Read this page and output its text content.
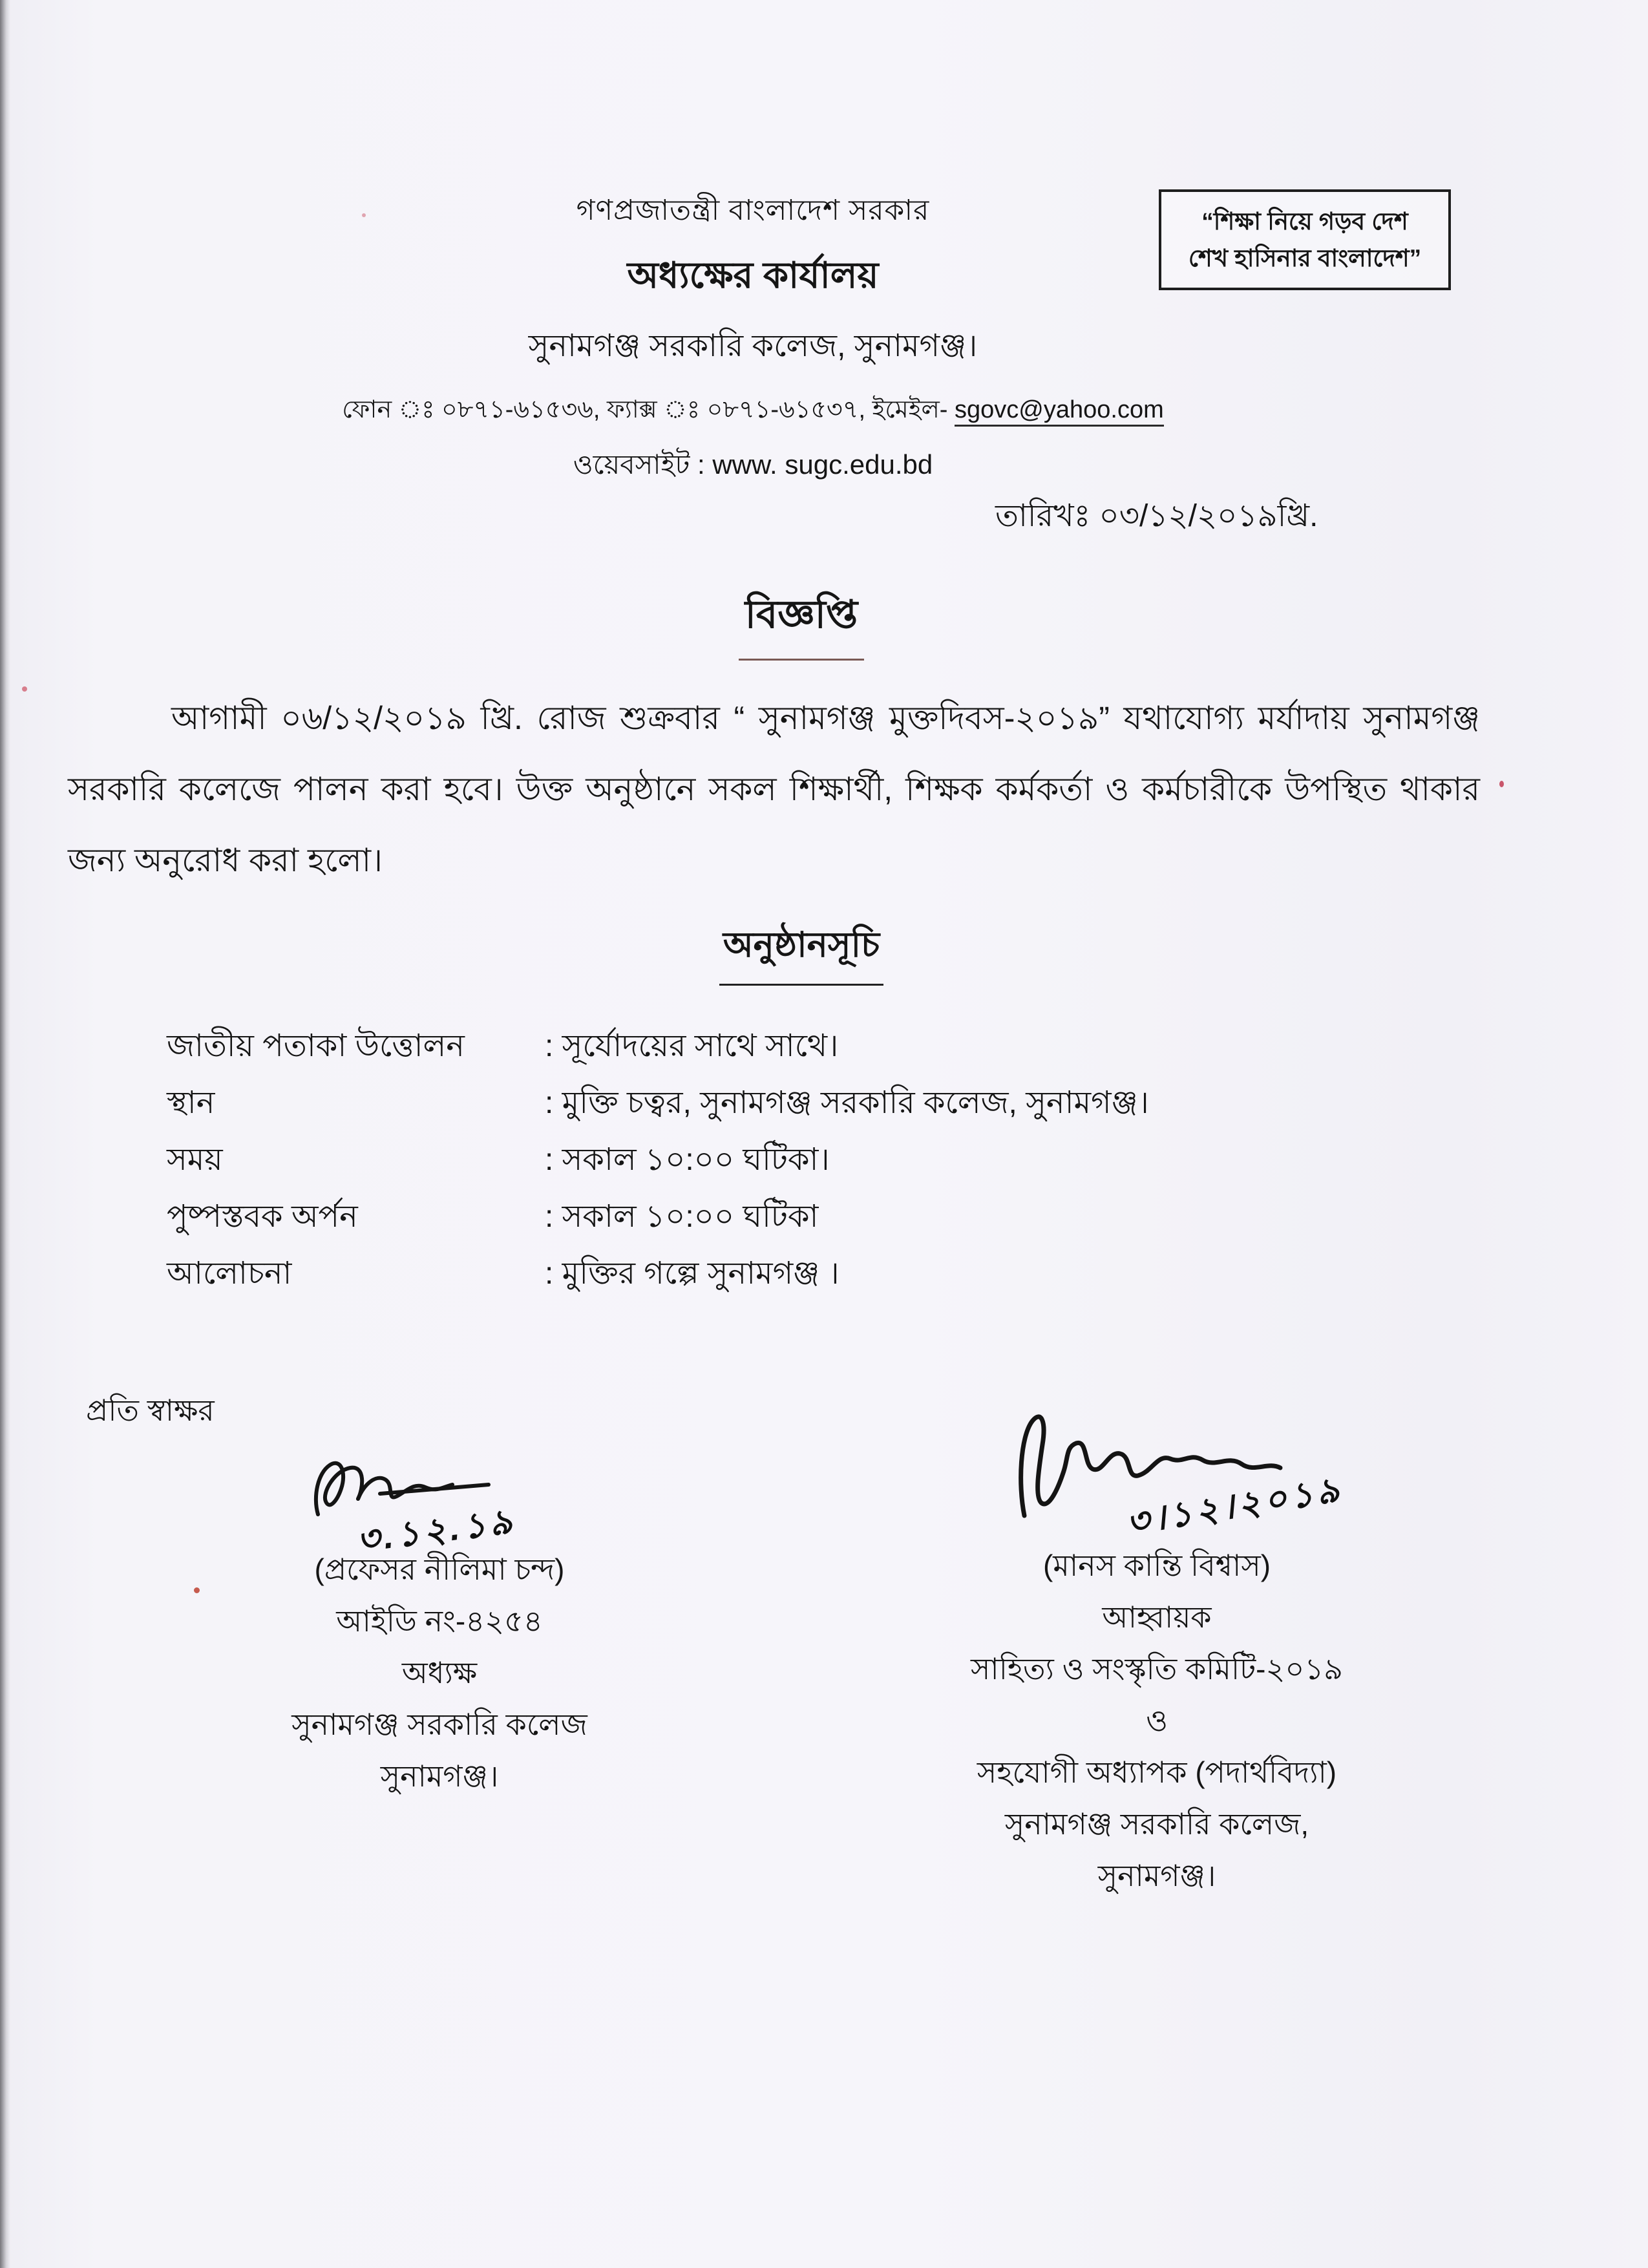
গণপ্রজাতন্ত্রী বাংলাদেশ সরকার
অধ্যক্ষের কার্যালয়
সুনামগঞ্জ সরকারি কলেজ, সুনামগঞ্জ।
ফোন ঃ ০৮৭১-৬১৫৩৬, ফ্যাক্স ঃ ০৮৭১-৬১৫৩৭, ইমেইল- sgovc@yahoo.com
ওয়েবসাইট : www. sugc.edu.bd
“শিক্ষা নিয়ে গড়ব দেশ
শেখ হাসিনার বাংলাদেশ”
তারিখঃ ০৩/১২/২০১৯খ্রি.
বিজ্ঞপ্তি
আগামী ০৬/১২/২০১৯ খ্রি. রোজ শুক্রবার “ সুনামগঞ্জ মুক্তদিবস-২০১৯” যথাযোগ্য মর্যাদায় সুনামগঞ্জ সরকারি কলেজে পালন করা হবে। উক্ত অনুষ্ঠানে সকল শিক্ষার্থী, শিক্ষক কর্মকর্তা ও কর্মচারীকে উপস্থিত থাকার জন্য অনুরোধ করা হলো।
অনুষ্ঠানসূচি
জাতীয় পতাকা উত্তোলন	: সূর্যোদয়ের সাথে সাথে।
স্থান	: মুক্তি চত্বর, সুনামগঞ্জ সরকারি কলেজ, সুনামগঞ্জ।
সময়	: সকাল ১০:০০ ঘটিকা।
পুষ্পস্তবক অর্পন	: সকাল ১০:০০ ঘটিকা
আলোচনা	: মুক্তির গল্পে সুনামগঞ্জ ।
প্রতি স্বাক্ষর
৩.১২.১৯
(প্রফেসর নীলিমা চন্দ)
আইডি নং-৪২৫৪
অধ্যক্ষ
সুনামগঞ্জ সরকারি কলেজ
সুনামগঞ্জ।
৩।১২।২০১৯
(মানস কান্তি বিশ্বাস)
আহ্বায়ক
সাহিত্য ও সংস্কৃতি কমিটি-২০১৯
ও
সহযোগী অধ্যাপক (পদার্থবিদ্যা)
সুনামগঞ্জ সরকারি কলেজ,
সুনামগঞ্জ।
